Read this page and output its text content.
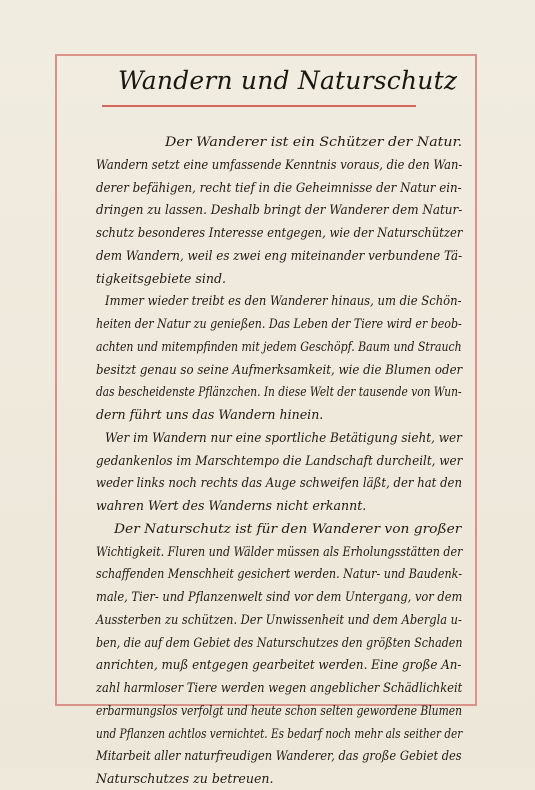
Wandern und Naturschutz
Der Wanderer ist ein Schützer der Natur.
Wandern setzt eine umfassende Kenntnis voraus, die den Wan-
derer befähigen, recht tief in die Geheimnisse der Natur ein-
dringen zu lassen. Deshalb bringt der Wanderer dem Natur-
schutz besonderes Interesse entgegen, wie der Naturschützer
dem Wandern, weil es zwei eng miteinander verbundene Tä-
tigkeitsgebiete sind.
Immer wieder treibt es den Wanderer hinaus, um die Schön-
heiten der Natur zu genießen. Das Leben der Tiere wird er beob-
achten und mitempfinden mit jedem Geschöpf. Baum und Strauch
besitzt genau so seine Aufmerksamkeit, wie die Blumen oder
das bescheidenste Pflänzchen. In diese Welt der tausende von Wun-
dern führt uns das Wandern hinein.
Wer im Wandern nur eine sportliche Betätigung sieht, wer
gedankenlos im Marschtempo die Landschaft durcheilt, wer
weder links noch rechts das Auge schweifen läßt, der hat den
wahren Wert des Wanderns nicht erkannt.
Der Naturschutz ist für den Wanderer von großer
Wichtigkeit. Fluren und Wälder müssen als Erholungsstätten der
schaffenden Menschheit gesichert werden. Natur- und Baudenk-
male, Tier- und Pflanzenwelt sind vor dem Untergang, vor dem
Aussterben zu schützen. Der Unwissenheit und dem Abergla u-
ben, die auf dem Gebiet des Naturschutzes den größten Schaden
anrichten, muß entgegen gearbeitet werden. Eine große An-
zahl harmloser Tiere werden wegen angeblicher Schädlichkeit
erbarmungslos verfolgt und heute schon selten gewordene Blumen
und Pflanzen achtlos vernichtet. Es bedarf noch mehr als seither der
Mitarbeit aller naturfreudigen Wanderer, das große Gebiet des
Naturschutzes zu betreuen.
